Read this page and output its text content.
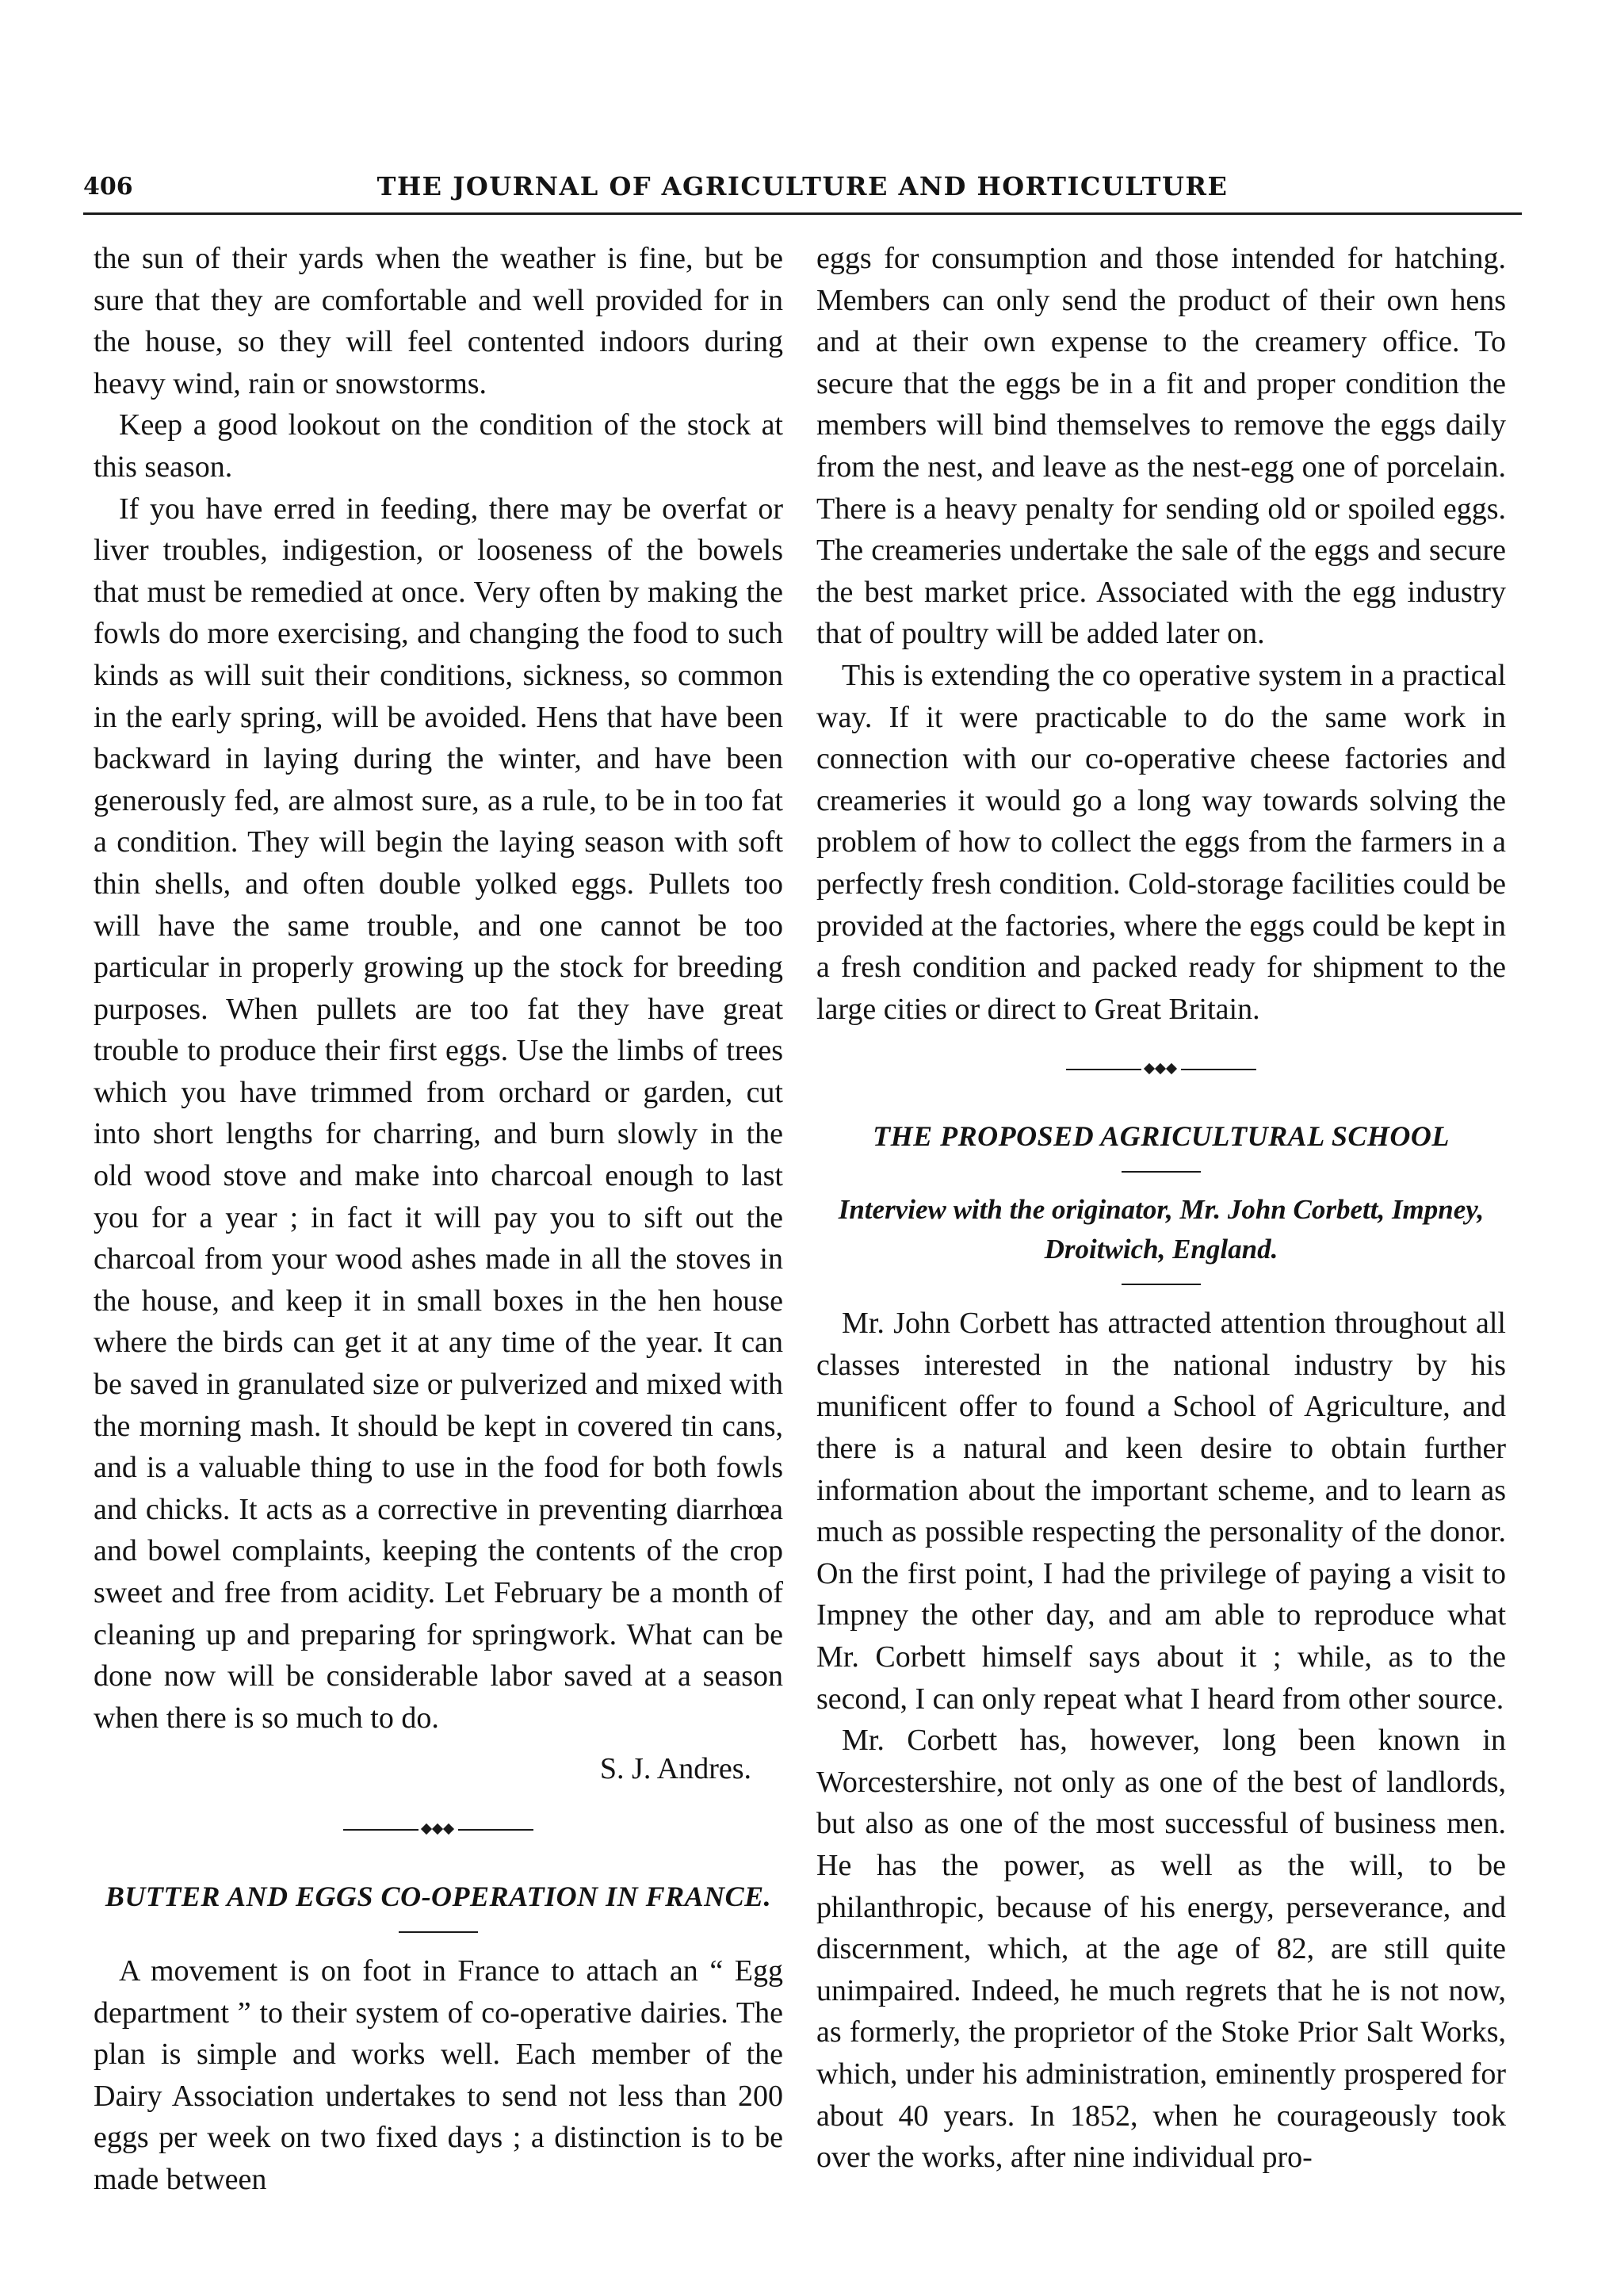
406	THE JOURNAL OF AGRICULTURE AND HORTICULTURE

the sun of their yards when the weather is fine, but be sure that they are comfortable and well provided for in the house, so they will feel contented indoors during heavy wind, rain or snowstorms.

Keep a good lookout on the condition of the stock at this season.

If you have erred in feeding, there may be overfat or liver troubles, indigestion, or looseness of the bowels that must be remedied at once. Very often by making the fowls do more exercising, and changing the food to such kinds as will suit their conditions, sickness, so common in the early spring, will be avoided. Hens that have been backward in laying during the winter, and have been generously fed, are almost sure, as a rule, to be in too fat a condition. They will begin the laying season with soft thin shells, and often double yolked eggs. Pullets too will have the same trouble, and one cannot be too particular in properly growing up the stock for breeding purposes. When pullets are too fat they have great trouble to produce their first eggs. Use the limbs of trees which you have trimmed from orchard or garden, cut into short lengths for charring, and burn slowly in the old wood stove and make into charcoal enough to last you for a year ; in fact it will pay you to sift out the charcoal from your wood ashes made in all the stoves in the house, and keep it in small boxes in the hen house where the birds can get it at any time of the year. It can be saved in granulated size or pulverized and mixed with the morning mash. It should be kept in covered tin cans, and is a valuable thing to use in the food for both fowls and chicks. It acts as a corrective in preventing diarrhœa and bowel complaints, keeping the contents of the crop sweet and free from acidity. Let February be a month of cleaning up and preparing for springwork. What can be done now will be considerable labor saved at a season when there is so much to do.

S. J. Andres.

BUTTER AND EGGS CO-OPERATION IN FRANCE.

A movement is on foot in France to attach an “ Egg department ” to their system of co-operative dairies. The plan is simple and works well. Each member of the Dairy Association undertakes to send not less than 200 eggs per week on two fixed days ; a distinction is to be made between

eggs for consumption and those intended for hatching. Members can only send the product of their own hens and at their own expense to the creamery office. To secure that the eggs be in a fit and proper condition the members will bind themselves to remove the eggs daily from the nest, and leave as the nest-egg one of porcelain. There is a heavy penalty for sending old or spoiled eggs. The creameries undertake the sale of the eggs and secure the best market price. Associated with the egg industry that of poultry will be added later on.

This is extending the co operative system in a practical way. If it were practicable to do the same work in connection with our co-operative cheese factories and creameries it would go a long way towards solving the problem of how to collect the eggs from the farmers in a perfectly fresh condition. Cold-storage facilities could be provided at the factories, where the eggs could be kept in a fresh condition and packed ready for shipment to the large cities or direct to Great Britain.

THE PROPOSED AGRICULTURAL SCHOOL

Interview with the originator, Mr. John Corbett, Impney, Droitwich, England.

Mr. John Corbett has attracted attention throughout all classes interested in the national industry by his munificent offer to found a School of Agriculture, and there is a natural and keen desire to obtain further information about the important scheme, and to learn as much as possible respecting the personality of the donor. On the first point, I had the privilege of paying a visit to Impney the other day, and am able to reproduce what Mr. Corbett himself says about it ; while, as to the second, I can only repeat what I heard from other source.

Mr. Corbett has, however, long been known in Worcestershire, not only as one of the best of landlords, but also as one of the most successful of business men. He has the power, as well as the will, to be philanthropic, because of his energy, perseverance, and discernment, which, at the age of 82, are still quite unimpaired. Indeed, he much regrets that he is not now, as formerly, the proprietor of the Stoke Prior Salt Works, which, under his administration, eminently prospered for about 40 years. In 1852, when he courageously took over the works, after nine individual pro-
